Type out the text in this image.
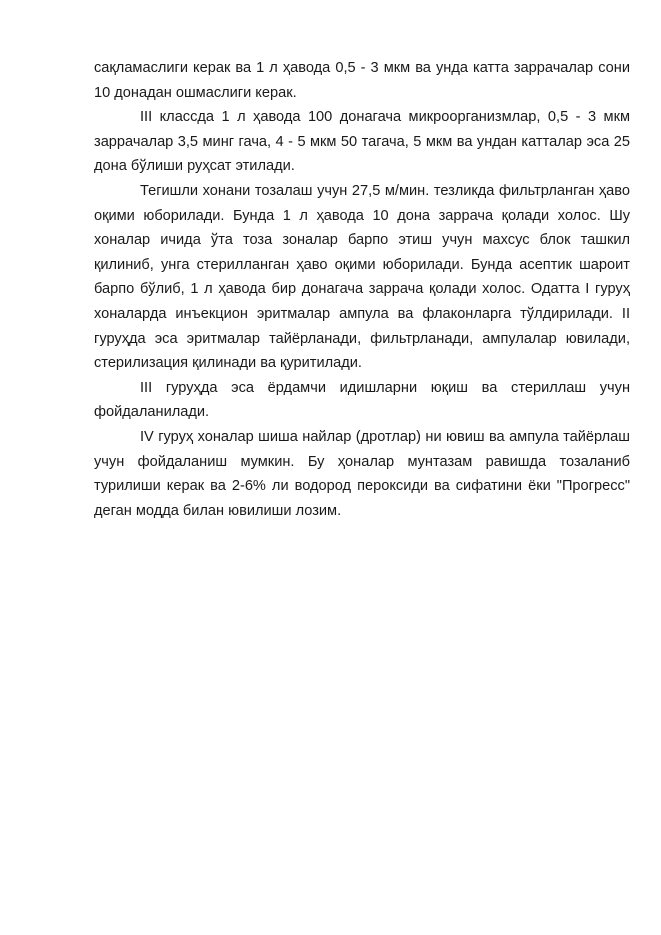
сақламаслиги керак ва 1 л ҳавода 0,5 - 3 мкм ва унда катта заррачалар сони 10 донадан ошмаслиги керак.

III классда 1 л ҳавода 100 донагача микроорганизмлар, 0,5 - 3 мкм заррачалар 3,5 минг гача, 4 - 5 мкм 50 тагача, 5 мкм ва ундан катталар эса 25 дона бўлиши руҳсат этилади.

Тегишли хонани тозалаш учун 27,5 м/мин. тезликда фильтрланган ҳаво оқими юборилади. Бунда 1 л ҳавода 10 дона заррача қолади холос. Шу хоналар ичида ўта тоза зоналар барпо этиш учун махсус блок ташкил қилиниб, унга стерилланган ҳаво оқими юборилади. Бунда асептик шароит барпо бўлиб, 1 л ҳавода бир донагача заррача қолади холос. Одатта I гуруҳ хоналарда инъекцион эритмалар ампула ва флаконларга тўлдирилади. II гуруҳда эса эритмалар тайёрланади, фильтрланади, ампулалар ювилади, стерилизация қилинади ва қуритилади.

III гуруҳда эса ёрдамчи идишларни юқиш ва стериллаш учун фойдаланилади.

IV гуруҳ хоналар шиша найлар (дротлар) ни ювиш ва ампула тайёрлаш учун фойдаланиш мумкин. Бу ҳоналар мунтазам равишда тозаланиб турилиши керак ва 2-6% ли водород пероксиди ва сифатини ёки "Прогресс" деган модда билан ювилиши лозим.
